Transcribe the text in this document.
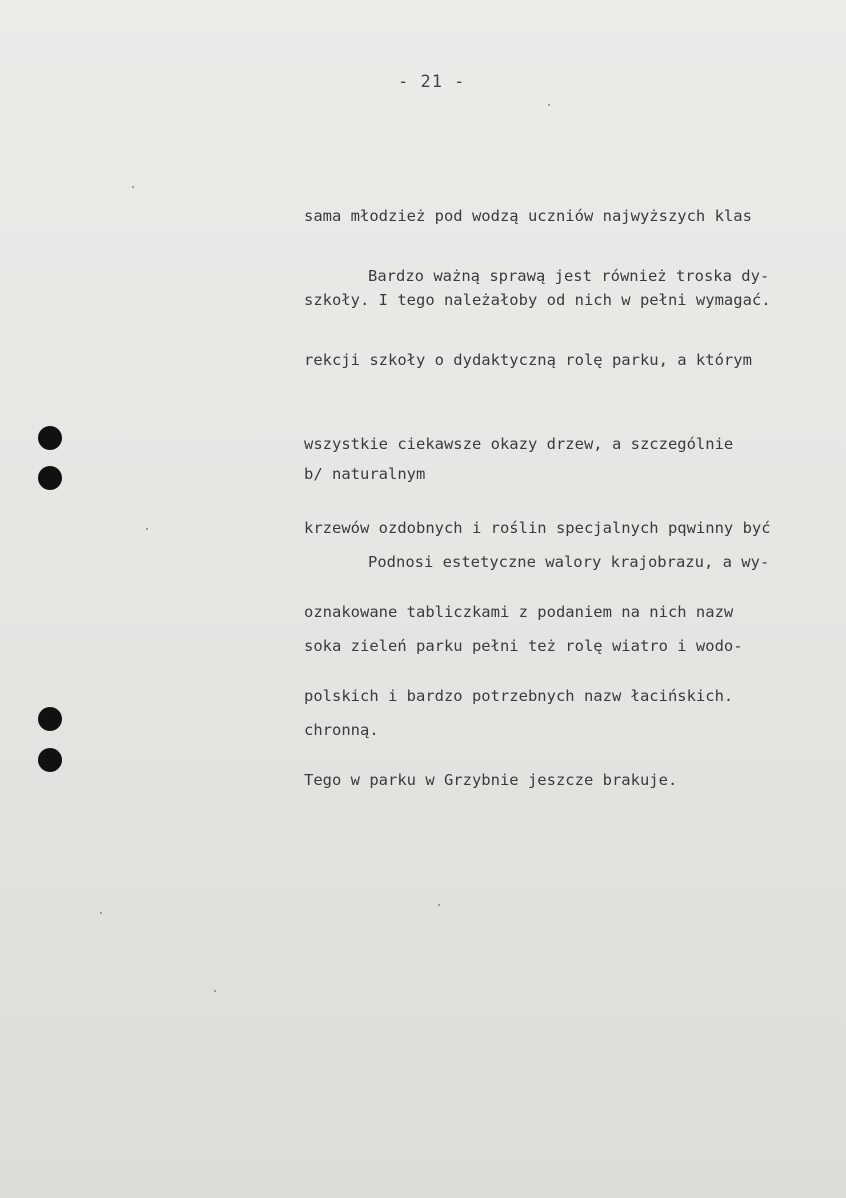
- 21 -

sama młodzież pod wodzą uczniów najwyższych klas

szkoły. I tego należałoby od nich w pełni wymagać.

Bardzo ważną sprawą jest również troska dy-

rekcji szkoły o dydaktyczną rolę parku, a którym

wszystkie ciekawsze okazy drzew, a szczególnie

krzewów ozdobnych i roślin specjalnych pqwinny być

oznakowane tabliczkami z podaniem na nich nazw

polskich i bardzo potrzebnych nazw łacińskich.

Tego w parku w Grzybnie jeszcze brakuje.

b/ naturalnym

Podnosi estetyczne walory krajobrazu, a wy-

soka zieleń parku pełni też rolę wiatro i wodo-

chronną.
